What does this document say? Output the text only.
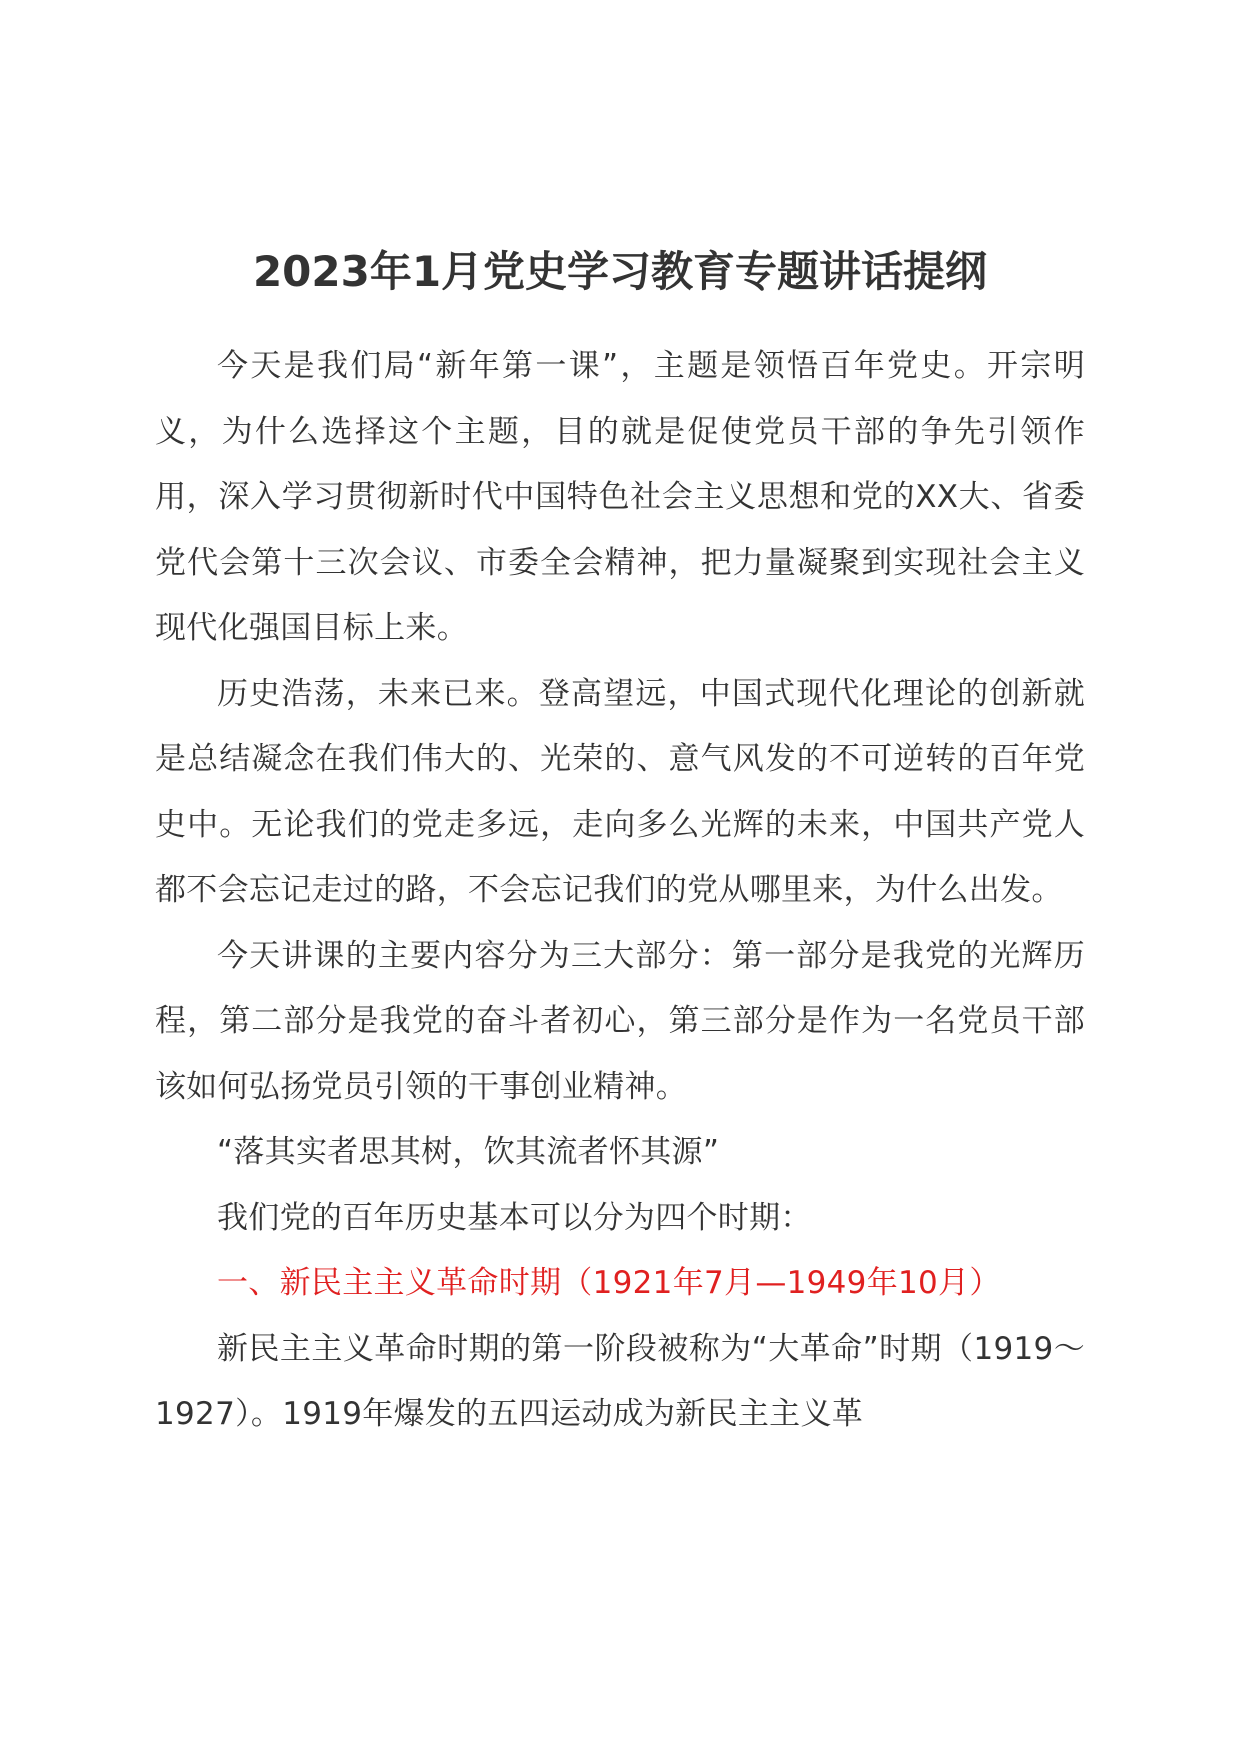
2023年1月党史学习教育专题讲话提纲

今天是我们局“新年第一课”，主题是领悟百年党史。开宗明义，为什么选择这个主题，目的就是促使党员干部的争先引领作用，深入学习贯彻新时代中国特色社会主义思想和党的XX大、省委党代会第十三次会议、市委全会精神，把力量凝聚到实现社会主义现代化强国目标上来。

历史浩荡，未来已来。登高望远，中国式现代化理论的创新就是总结凝念在我们伟大的、光荣的、意气风发的不可逆转的百年党史中。无论我们的党走多远，走向多么光辉的未来，中国共产党人都不会忘记走过的路，不会忘记我们的党从哪里来，为什么出发。

今天讲课的主要内容分为三大部分：第一部分是我党的光辉历程，第二部分是我党的奋斗者初心，第三部分是作为一名党员干部该如何弘扬党员引领的干事创业精神。

“落其实者思其树，饮其流者怀其源”

我们党的百年历史基本可以分为四个时期：

一、新民主主义革命时期（1921年7月—1949年10月）

新民主主义革命时期的第一阶段被称为“大革命”时期（1919～1927）。1919年爆发的五四运动成为新民主主义革
